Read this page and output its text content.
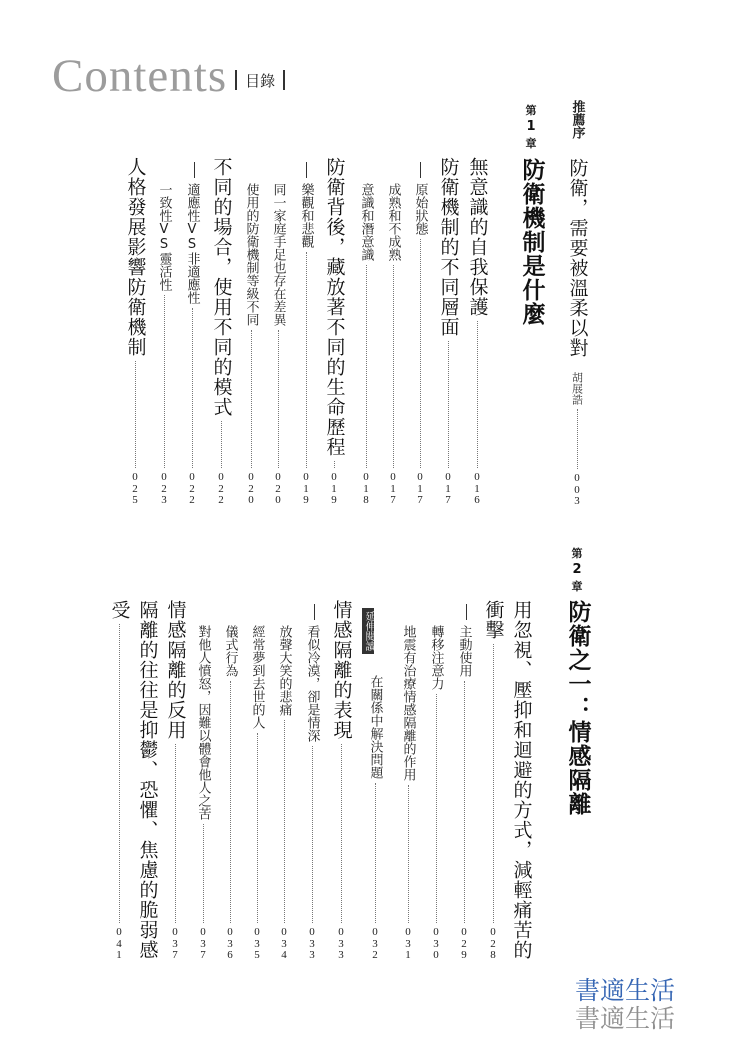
Contents 目錄
推薦序
防衛，需要被溫柔以對
胡展誥
0
0
3
第
1
章
防衛機制是什麼
無意識的自我保護
0
1
6
防衛機制的不同層面
0
1
7
原始狀態
0
1
7
成熟和不成熟
0
1
7
意識和潛意識
0
1
8
防衛背後，藏放著不同的生命歷程
0
1
9
樂觀和悲觀
0
1
9
同一家庭手足也存在差異
0
2
0
使用的防衛機制等級不同
0
2
0
不同的場合，使用不同的模式
0
2
2
適應性VS非適應性
0
2
2
一致性VS靈活性
0
2
3
人格發展影響防衛機制
0
2
5
第
2
章
防衛之一：情感隔離
用忽視、壓抑和迴避的方式，減輕痛苦的
衝擊
0
2
8
主動使用
0
2
9
轉移注意力
0
3
0
地震有治療情感隔離的作用
0
3
1
延伸閱讀
在關係中解決問題
0
3
2
情感隔離的表現
0
3
3
看似冷漠，卻是情深
0
3
3
放聲大笑的悲痛
0
3
4
經常夢到去世的人
0
3
5
儀式行為
0
3
6
對他人憤怒，因難以體會他人之苦
0
3
7
情感隔離的反用
0
3
7
隔離的往往是抑鬱、恐懼、焦慮的脆弱感
受
0
4
1
書適生活
書適生活
